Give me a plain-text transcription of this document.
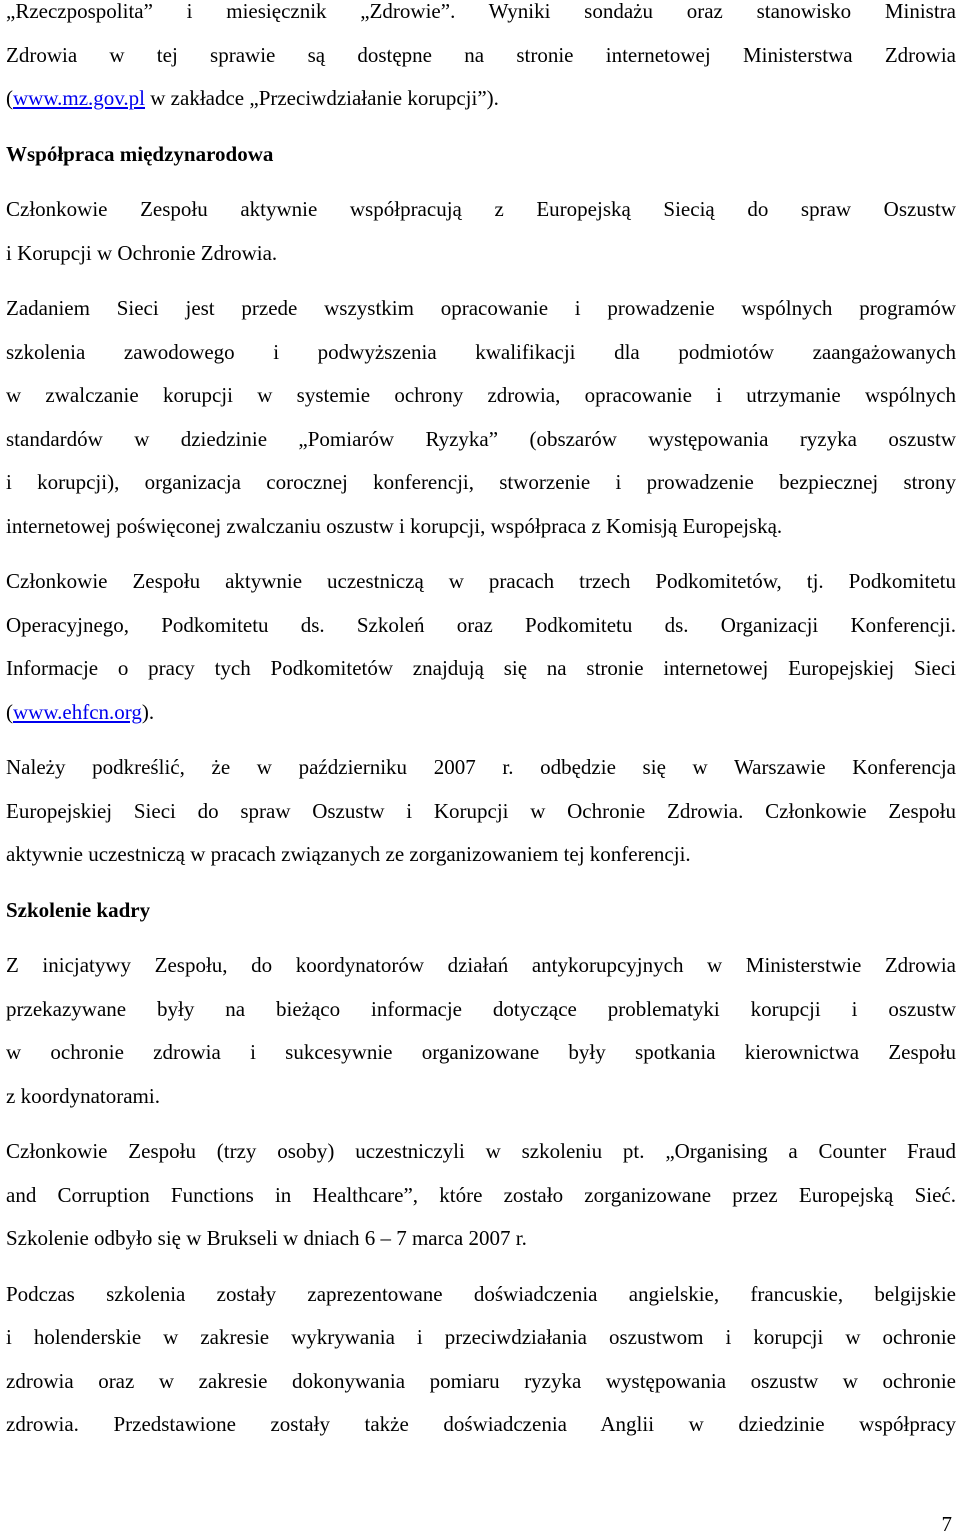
„Rzeczpospolita” i miesięcznik „Zdrowie”. Wyniki sondażu oraz stanowisko Ministra
Zdrowia w tej sprawie są dostępne na stronie internetowej Ministerstwa Zdrowia
(www.mz.gov.pl w zakładce „Przeciwdziałanie korupcji”).
Współpraca międzynarodowa
Członkowie Zespołu aktywnie współpracują z Europejską Siecią do spraw Oszustw
i Korupcji w Ochronie Zdrowia.
Zadaniem Sieci jest przede wszystkim opracowanie i prowadzenie wspólnych programów
szkolenia zawodowego i podwyższenia kwalifikacji dla podmiotów zaangażowanych
w zwalczanie korupcji w systemie ochrony zdrowia, opracowanie i utrzymanie wspólnych
standardów w dziedzinie „Pomiarów Ryzyka” (obszarów występowania ryzyka oszustw
i korupcji), organizacja corocznej konferencji, stworzenie i prowadzenie bezpiecznej strony
internetowej poświęconej zwalczaniu oszustw i korupcji, współpraca z Komisją Europejską.
Członkowie Zespołu aktywnie uczestniczą w pracach trzech Podkomitetów, tj. Podkomitetu
Operacyjnego, Podkomitetu ds. Szkoleń oraz Podkomitetu ds. Organizacji Konferencji.
Informacje o pracy tych Podkomitetów znajdują się na stronie internetowej Europejskiej Sieci
(www.ehfcn.org).
Należy podkreślić, że w październiku 2007 r. odbędzie się w Warszawie Konferencja
Europejskiej Sieci do spraw Oszustw i Korupcji w Ochronie Zdrowia. Członkowie Zespołu
aktywnie uczestniczą w pracach związanych ze zorganizowaniem tej konferencji.
Szkolenie kadry
Z inicjatywy Zespołu, do koordynatorów działań antykorupcyjnych w Ministerstwie Zdrowia
przekazywane były na bieżąco informacje dotyczące problematyki korupcji i oszustw
w ochronie zdrowia i sukcesywnie organizowane były spotkania kierownictwa Zespołu
z koordynatorami.
Członkowie Zespołu (trzy osoby) uczestniczyli w szkoleniu pt. „Organising a Counter Fraud
and Corruption Functions in Healthcare”, które zostało zorganizowane przez Europejską Sieć.
Szkolenie odbyło się w Brukseli w dniach 6 – 7 marca 2007 r.
Podczas szkolenia zostały zaprezentowane doświadczenia angielskie, francuskie, belgijskie
i holenderskie w zakresie wykrywania i przeciwdziałania oszustwom i korupcji w ochronie
zdrowia oraz w zakresie dokonywania pomiaru ryzyka występowania oszustw w ochronie
zdrowia. Przedstawione zostały także doświadczenia Anglii w dziedzinie współpracy
7
